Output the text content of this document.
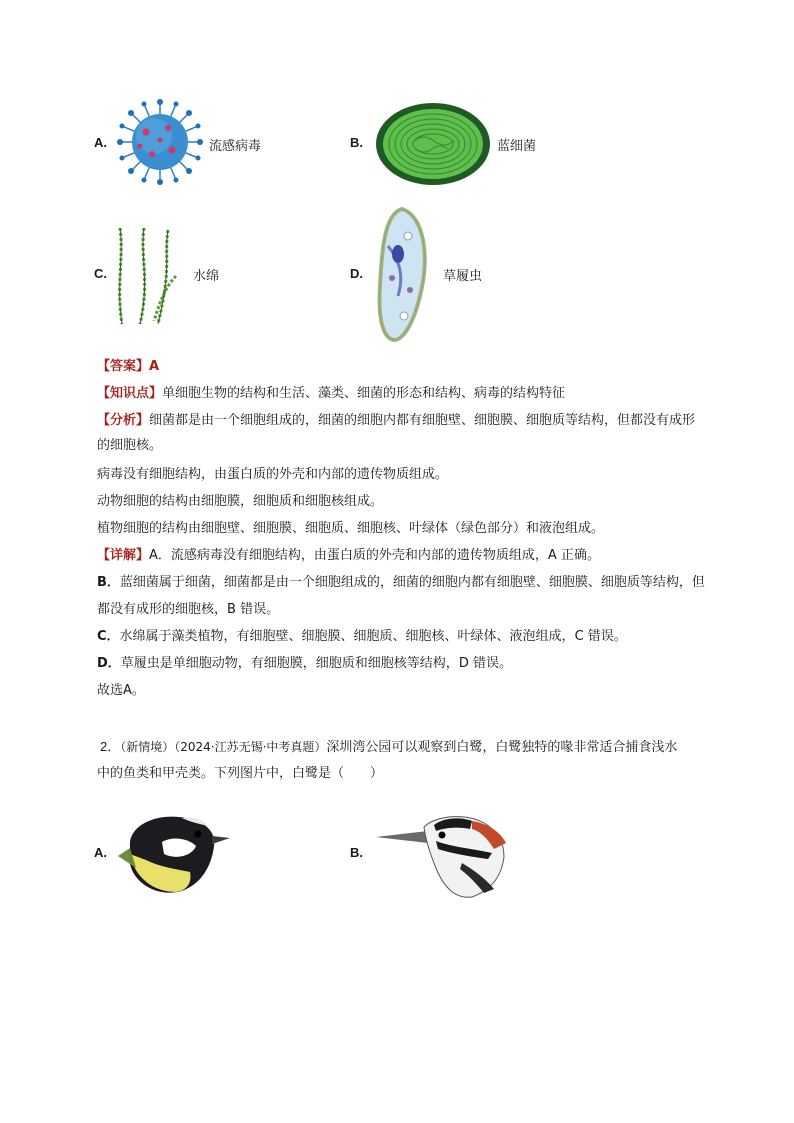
A.	流感病毒	B.	蓝细菌
C.	水绵	D.	草履虫
【答案】A
【知识点】单细胞生物的结构和生活、藻类、细菌的形态和结构、病毒的结构特征
【分析】细菌都是由一个细胞组成的，细菌的细胞内都有细胞壁、细胞膜、细胞质等结构，但都没有成形
的细胞核。
病毒没有细胞结构，由蛋白质的外壳和内部的遗传物质组成。
动物细胞的结构由细胞膜，细胞质和细胞核组成。
植物细胞的结构由细胞壁、细胞膜、细胞质、细胞核、叶绿体（绿色部分）和液泡组成。
【详解】A．流感病毒没有细胞结构，由蛋白质的外壳和内部的遗传物质组成，A 正确。
B．蓝细菌属于细菌，细菌都是由一个细胞组成的，细菌的细胞内都有细胞壁、细胞膜、细胞质等结构，但
都没有成形的细胞核，B 错误。
C．水绵属于藻类植物，有细胞壁、细胞膜、细胞质、细胞核、叶绿体、液泡组成，C 错误。
D．草履虫是单细胞动物，有细胞膜，细胞质和细胞核等结构，D 错误。
故选A。
2．（新情境）（2024·江苏无锡·中考真题）深圳湾公园可以观察到白鹭，白鹭独特的喙非常适合捕食浅水
中的鱼类和甲壳类。下列图片中，白鹭是（　　）
A.	B.
